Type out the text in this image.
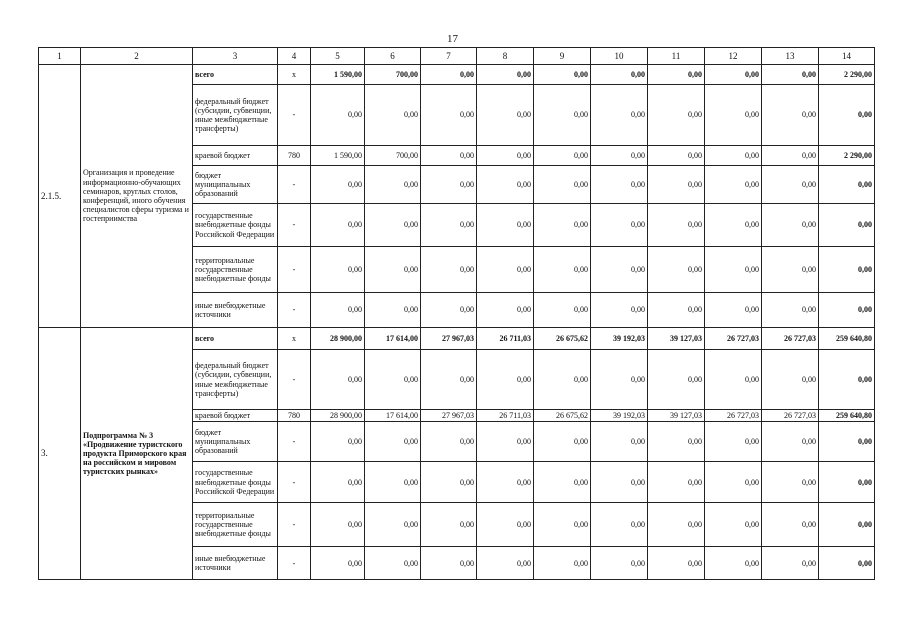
17
1	2	3	4	5	6	7	8	9	10	11	12	13	14
2.1.5.	Организация и проведение информационно-обучающих семинаров, круглых столов, конференций, иного обучения специалистов сферы туризма и гостеприимства	всего	х	1 590,00	700,00	0,00	0,00	0,00	0,00	0,00	0,00	0,00	2 290,00
		федеральный бюджет (субсидии, субвенции, иные межбюджетные трансферты)	-	0,00	0,00	0,00	0,00	0,00	0,00	0,00	0,00	0,00	0,00
		краевой бюджет	780	1 590,00	700,00	0,00	0,00	0,00	0,00	0,00	0,00	0,00	2 290,00
		бюджет муниципальных образований	-	0,00	0,00	0,00	0,00	0,00	0,00	0,00	0,00	0,00	0,00
		государственные внебюджетные фонды Российской Федерации	-	0,00	0,00	0,00	0,00	0,00	0,00	0,00	0,00	0,00	0,00
		территориальные государственные внебюджетные фонды	-	0,00	0,00	0,00	0,00	0,00	0,00	0,00	0,00	0,00	0,00
		иные внебюджетные источники	-	0,00	0,00	0,00	0,00	0,00	0,00	0,00	0,00	0,00	0,00
3.	Подпрограмма № 3 «Продвижение туристского продукта Приморского края на российском и мировом туристских рынках»	всего	х	28 900,00	17 614,00	27 967,03	26 711,03	26 675,62	39 192,03	39 127,03	26 727,03	26 727,03	259 640,80
		федеральный бюджет (субсидии, субвенции, иные межбюджетные трансферты)	-	0,00	0,00	0,00	0,00	0,00	0,00	0,00	0,00	0,00	0,00
		краевой бюджет	780	28 900,00	17 614,00	27 967,03	26 711,03	26 675,62	39 192,03	39 127,03	26 727,03	26 727,03	259 640,80
		бюджет муниципальных образований	-	0,00	0,00	0,00	0,00	0,00	0,00	0,00	0,00	0,00	0,00
		государственные внебюджетные фонды Российской Федерации	-	0,00	0,00	0,00	0,00	0,00	0,00	0,00	0,00	0,00	0,00
		территориальные государственные внебюджетные фонды	-	0,00	0,00	0,00	0,00	0,00	0,00	0,00	0,00	0,00	0,00
		иные внебюджетные источники	-	0,00	0,00	0,00	0,00	0,00	0,00	0,00	0,00	0,00	0,00
